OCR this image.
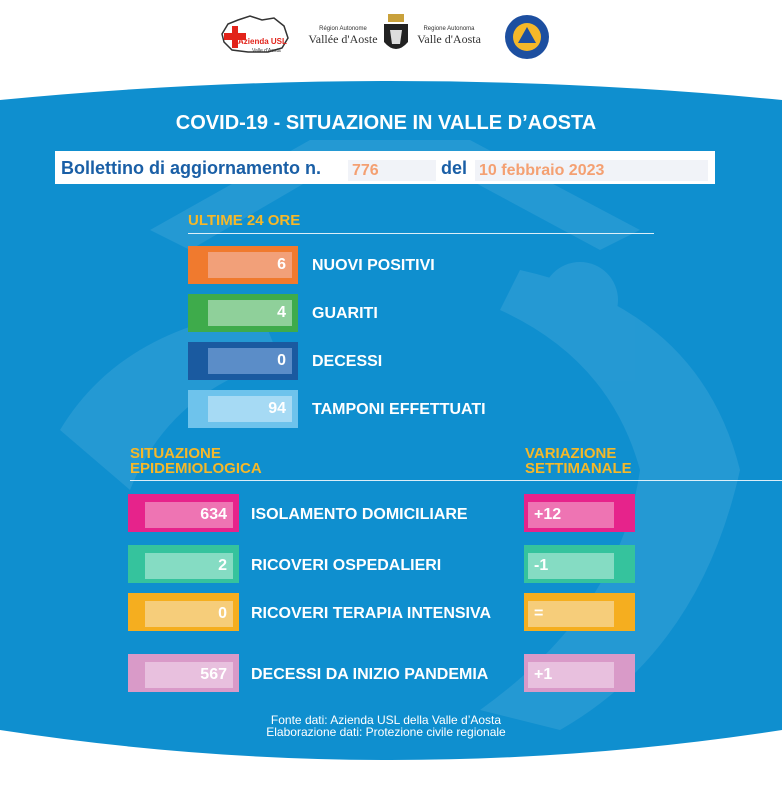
Azienda USL
Valle d'Aosta
Région Autonome
Vallée d'Aoste
Regione Autonoma
Valle d'Aosta
COVID-19 - SITUAZIONE IN VALLE D’AOSTA
Bollettino di aggiornamento n. 776	del 10 febbraio 2023
ULTIME 24 ORE
6	NUOVI POSITIVI
4	GUARITI
0	DECESSI
94	TAMPONI EFFETTUATI
SITUAZIONE
EPIDEMIOLOGICA
VARIAZIONE
SETTIMANALE
634	ISOLAMENTO DOMICILIARE	+12
2	RICOVERI OSPEDALIERI	-1
0	RICOVERI TERAPIA INTENSIVA	=
567	DECESSI DA INIZIO PANDEMIA	+1
Fonte dati: Azienda USL della Valle d’Aosta
Elaborazione dati: Protezione civile regionale
